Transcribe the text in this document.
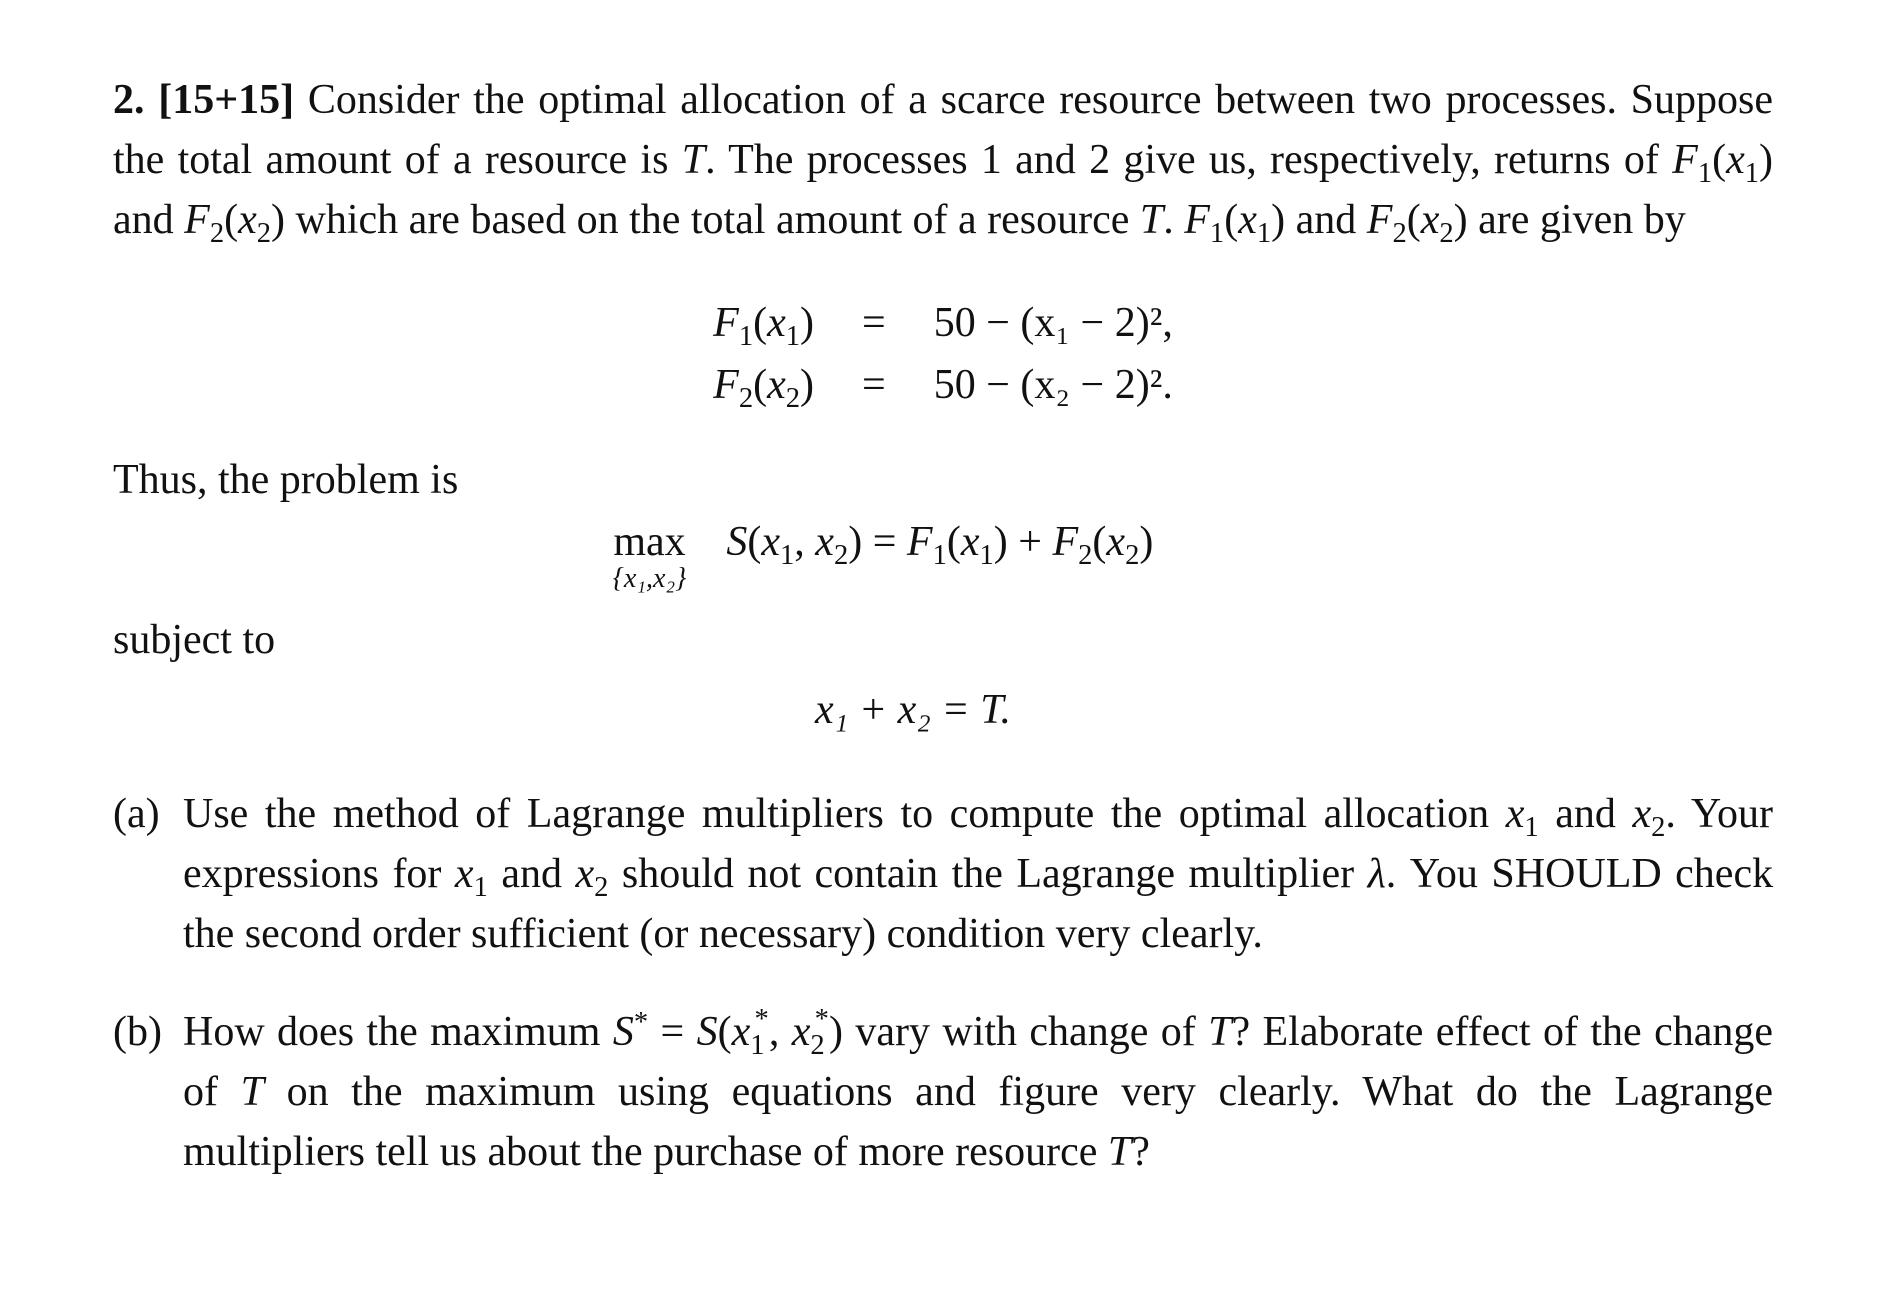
2. [15+15] Consider the optimal allocation of a scarce resource between two processes. Suppose the total amount of a resource is T. The processes 1 and 2 give us, respectively, returns of $F_1(x_1)$ and $F_2(x_2)$ which are based on the total amount of a resource T. $F_1(x_1)$ and $F_2(x_2)$ are given by

$F_1(x_1)$	=	50 − (x₁ − 2)²,
$F_2(x_2)$	=	50 − (x₂ − 2)².

Thus, the problem is

max
{x₁,x₂}
$S(x_1$, $x_2) = F_1(x_1) + F_2(x_2)$

subject to

x₁ + x₂ = T.
(a) Use the method of Lagrange multipliers to compute the optimal allocation $x_1$ and $x_2$. Your expressions for $x_1$ and $x_2$ should not contain the Lagrange multiplier λ. You SHOULD check the second order sufficient (or necessary) condition very clearly.
(b) How does the maximum $S^* = S(x_1^*$, $x_2^*$) vary with change of T? Elaborate effect of the change of T on the maximum using equations and figure very clearly. What do the Lagrange multipliers tell us about the purchase of more resource T?
